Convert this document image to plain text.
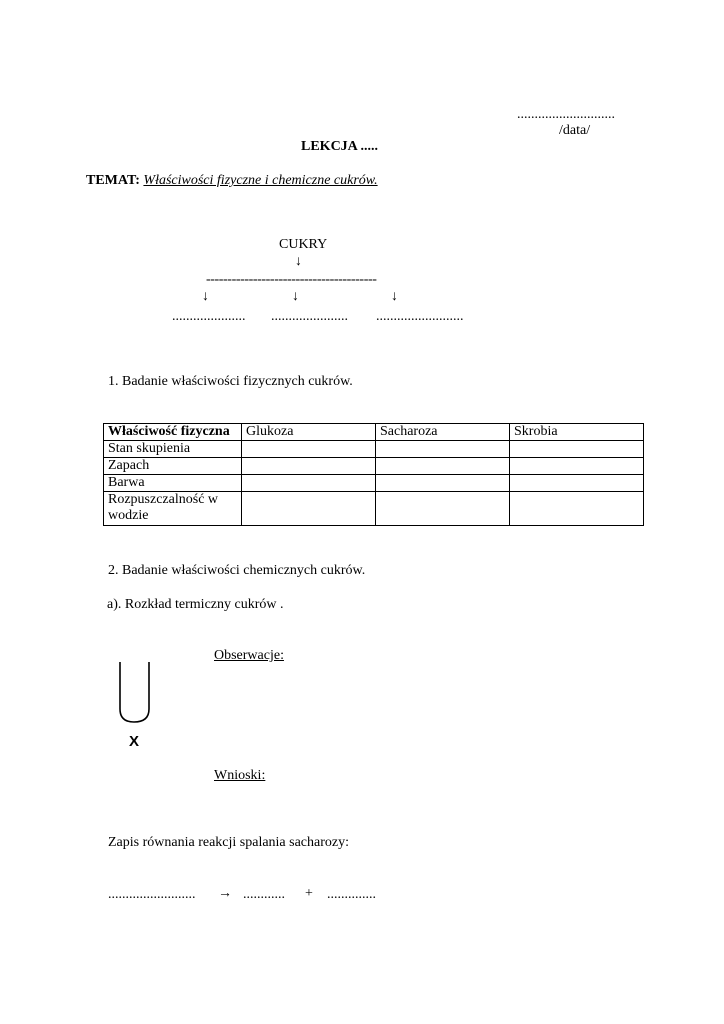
............................
/data/
LEKCJA .....
TEMAT: Właściwości fizyczne i chemiczne cukrów.
CUKRY
↓
----------------------------------------
↓	↓	↓
..................... ...................... .........................
1. Badanie właściwości fizycznych cukrów.
Właściwość fizyczna	Glukoza	Sacharoza	Skrobia
Stan skupienia			
Zapach			
Barwa			
Rozpuszczalność w wodzie			
2. Badanie właściwości chemicznych cukrów.
a). Rozkład termiczny cukrów .
Obserwacje:
X
Wnioski:
Zapis równania reakcji spalania sacharozy:
......................... → ............ + ..............
